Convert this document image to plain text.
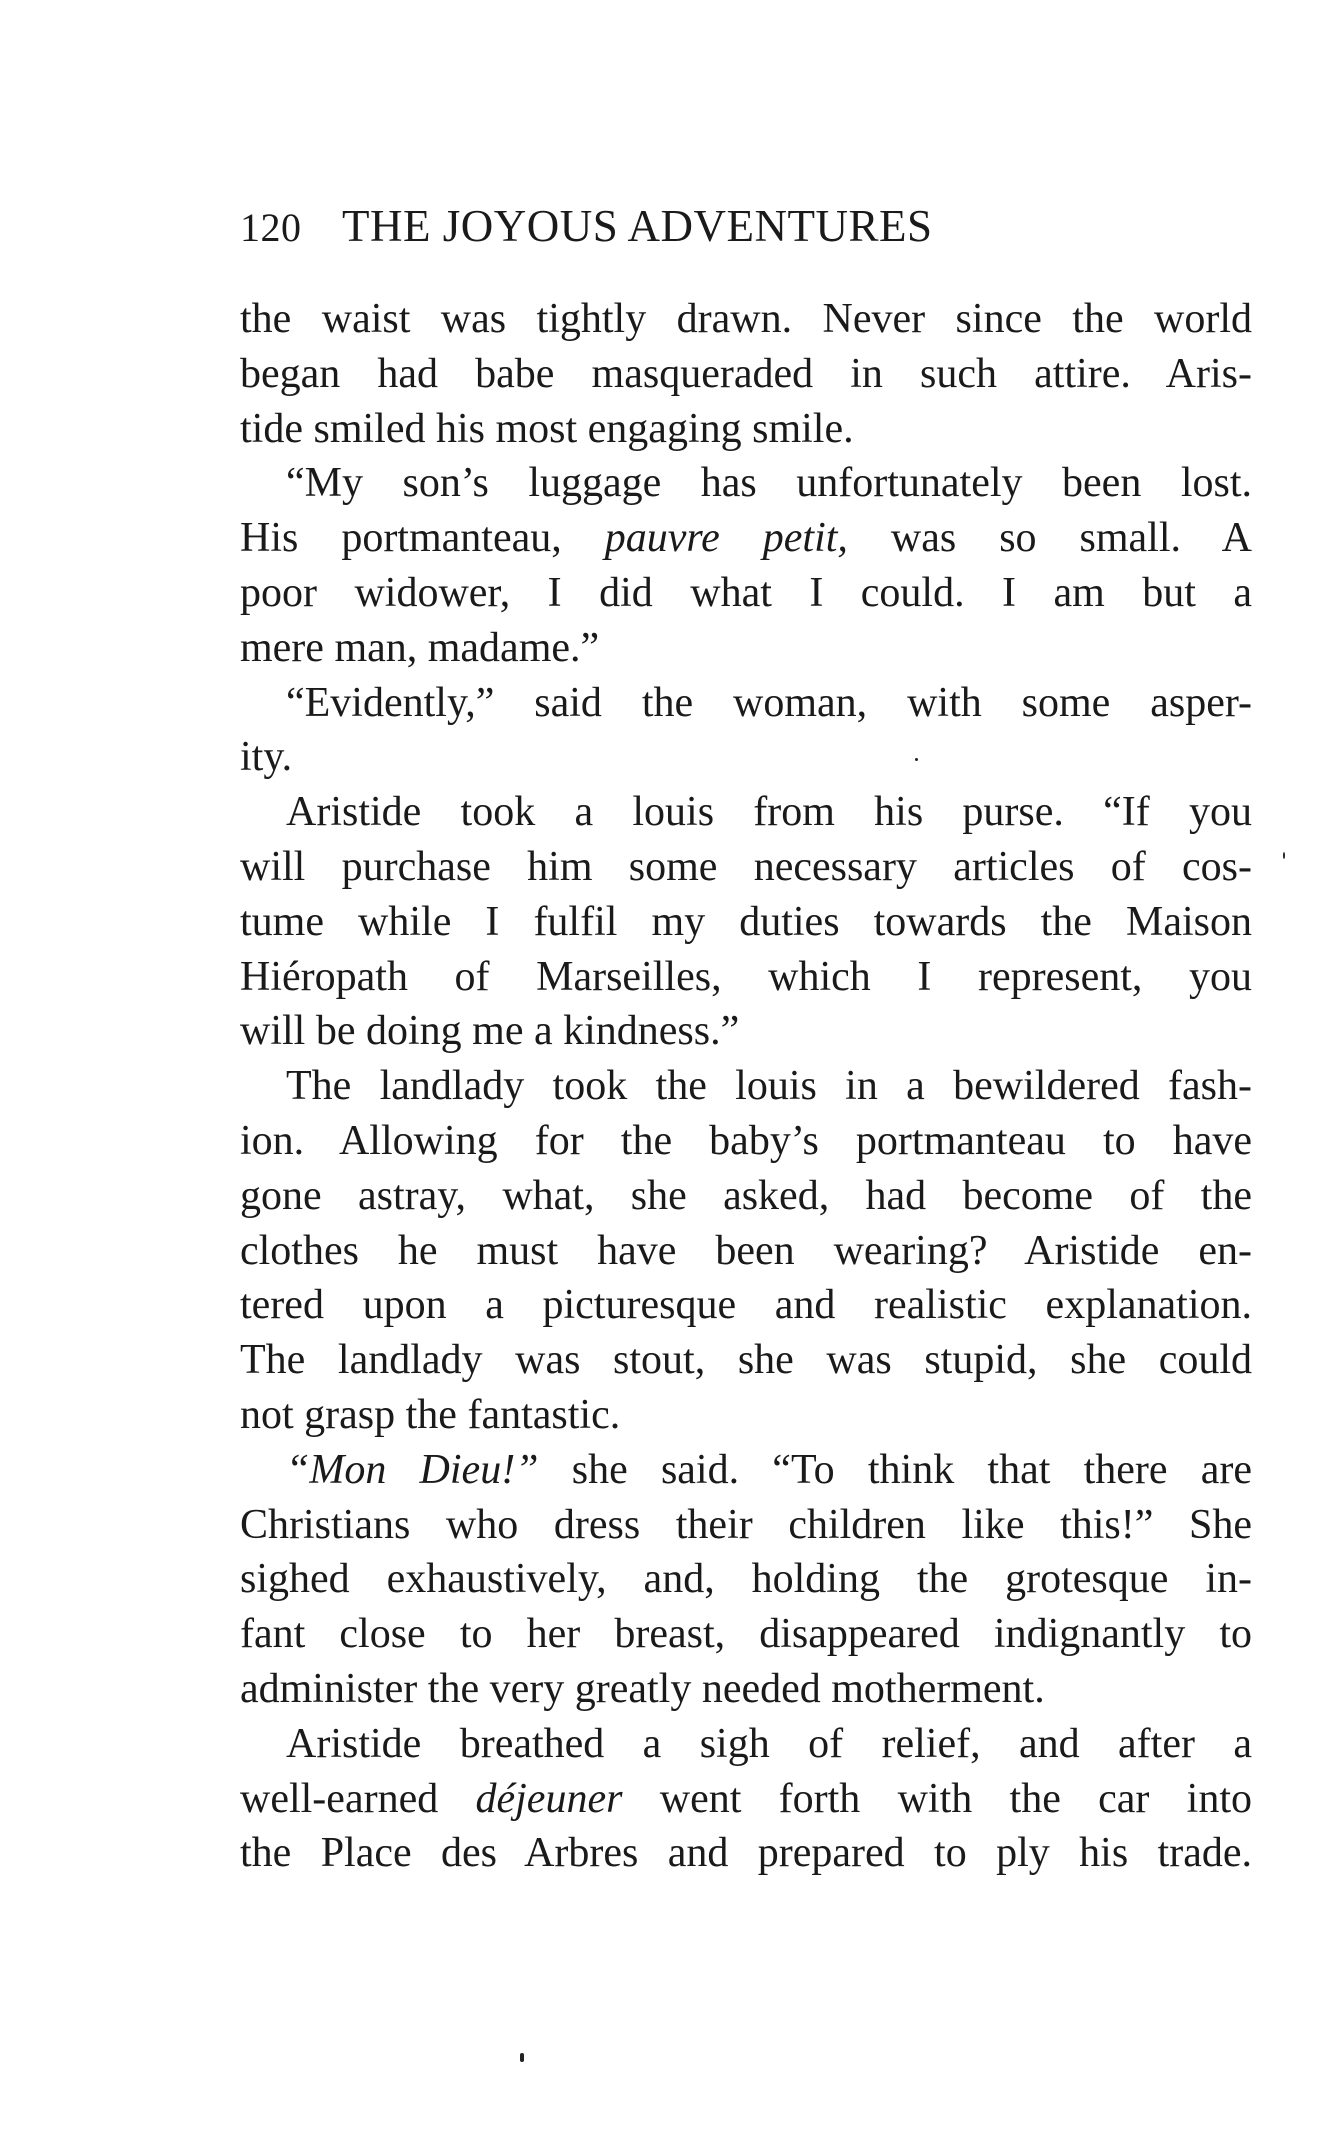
120 THE JOYOUS ADVENTURES
the waist was tightly drawn. Never since the world
began had babe masqueraded in such attire. Aris-
tide smiled his most engaging smile.
“My son’s luggage has unfortunately been lost.
His portmanteau, pauvre petit, was so small. A
poor widower, I did what I could. I am but a
mere man, madame.”
“Evidently,” said the woman, with some asper-
ity.
Aristide took a louis from his purse. “If you
will purchase him some necessary articles of cos-
tume while I fulfil my duties towards the Maison
Hiéropath of Marseilles, which I represent, you
will be doing me a kindness.”
The landlady took the louis in a bewildered fash-
ion. Allowing for the baby’s portmanteau to have
gone astray, what, she asked, had become of the
clothes he must have been wearing? Aristide en-
tered upon a picturesque and realistic explanation.
The landlady was stout, she was stupid, she could
not grasp the fantastic.
“Mon Dieu!” she said. “To think that there are
Christians who dress their children like this!” She
sighed exhaustively, and, holding the grotesque in-
fant close to her breast, disappeared indignantly to
administer the very greatly needed motherment.
Aristide breathed a sigh of relief, and after a
well-earned déjeuner went forth with the car into
the Place des Arbres and prepared to ply his trade.
